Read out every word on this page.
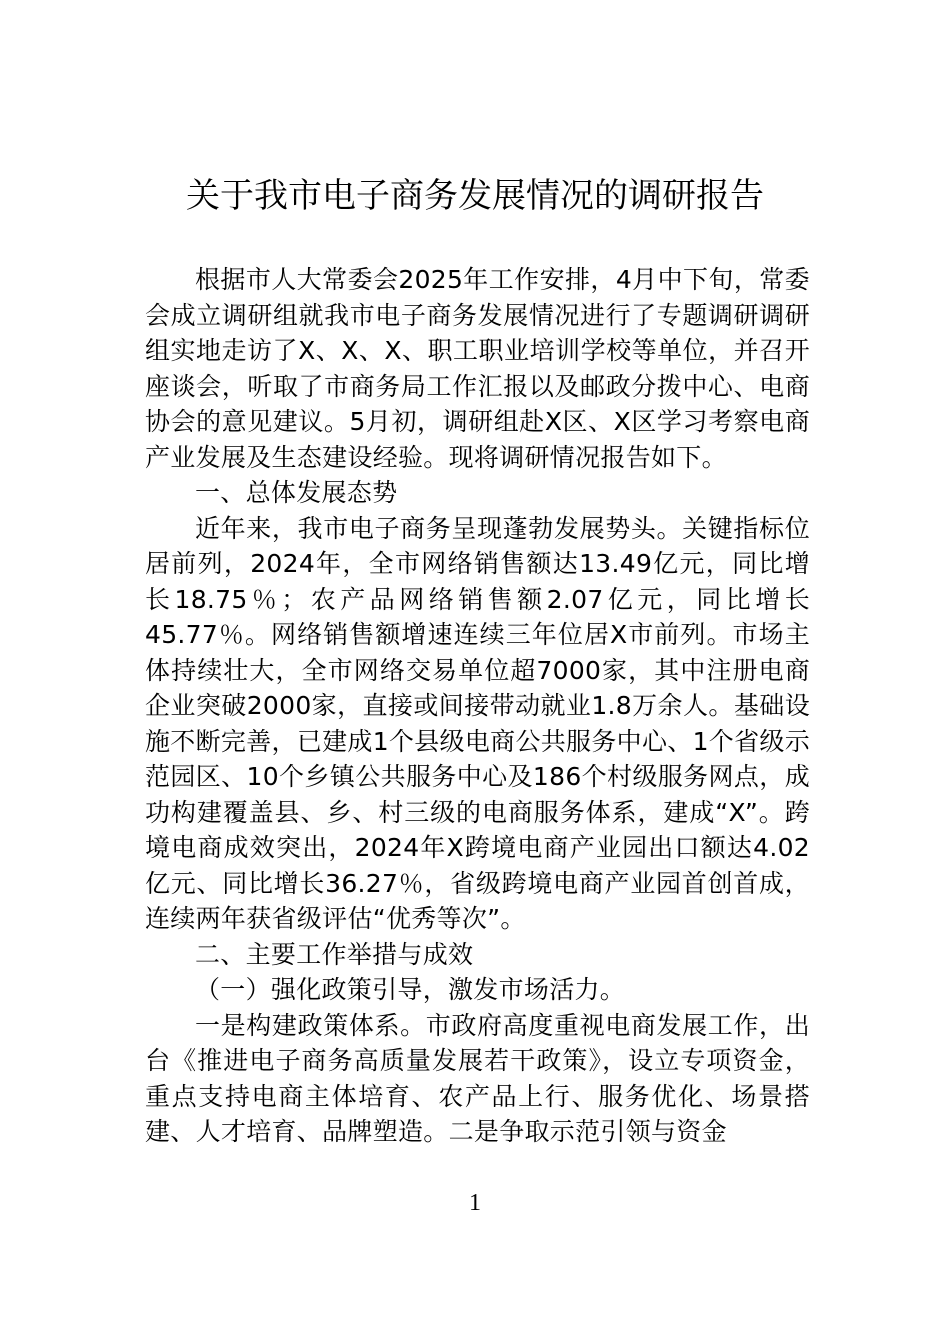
关于我市电子商务发展情况的调研报告

根据市人大常委会2025年工作安排，4月中下旬，常委会成立调研组就我市电子商务发展情况进行了专题调研调研组实地走访了X、X、X、职工职业培训学校等单位，并召开座谈会，听取了市商务局工作汇报以及邮政分拨中心、电商协会的意见建议。5月初，调研组赴X区、X区学习考察电商产业发展及生态建设经验。现将调研情况报告如下。

一、总体发展态势

近年来，我市电子商务呈现蓬勃发展势头。关键指标位居前列，2024年，全市网络销售额达13.49亿元，同比增长18.75％；农产品网络销售额2.07亿元，同比增长45.77％。网络销售额增速连续三年位居X市前列。市场主体持续壮大，全市网络交易单位超7000家，其中注册电商企业突破2000家，直接或间接带动就业1.8万余人。基础设施不断完善，已建成1个县级电商公共服务中心、1个省级示范园区、10个乡镇公共服务中心及186个村级服务网点，成功构建覆盖县、乡、村三级的电商服务体系，建成“X”。跨境电商成效突出，2024年X跨境电商产业园出口额达4.02亿元、同比增长36.27％，省级跨境电商产业园首创首成，连续两年获省级评估“优秀等次”。

二、主要工作举措与成效

（一）强化政策引导，激发市场活力。

一是构建政策体系。市政府高度重视电商发展工作，出台《推进电子商务高质量发展若干政策》，设立专项资金，重点支持电商主体培育、农产品上行、服务优化、场景搭建、人才培育、品牌塑造。二是争取示范引领与资金

1
